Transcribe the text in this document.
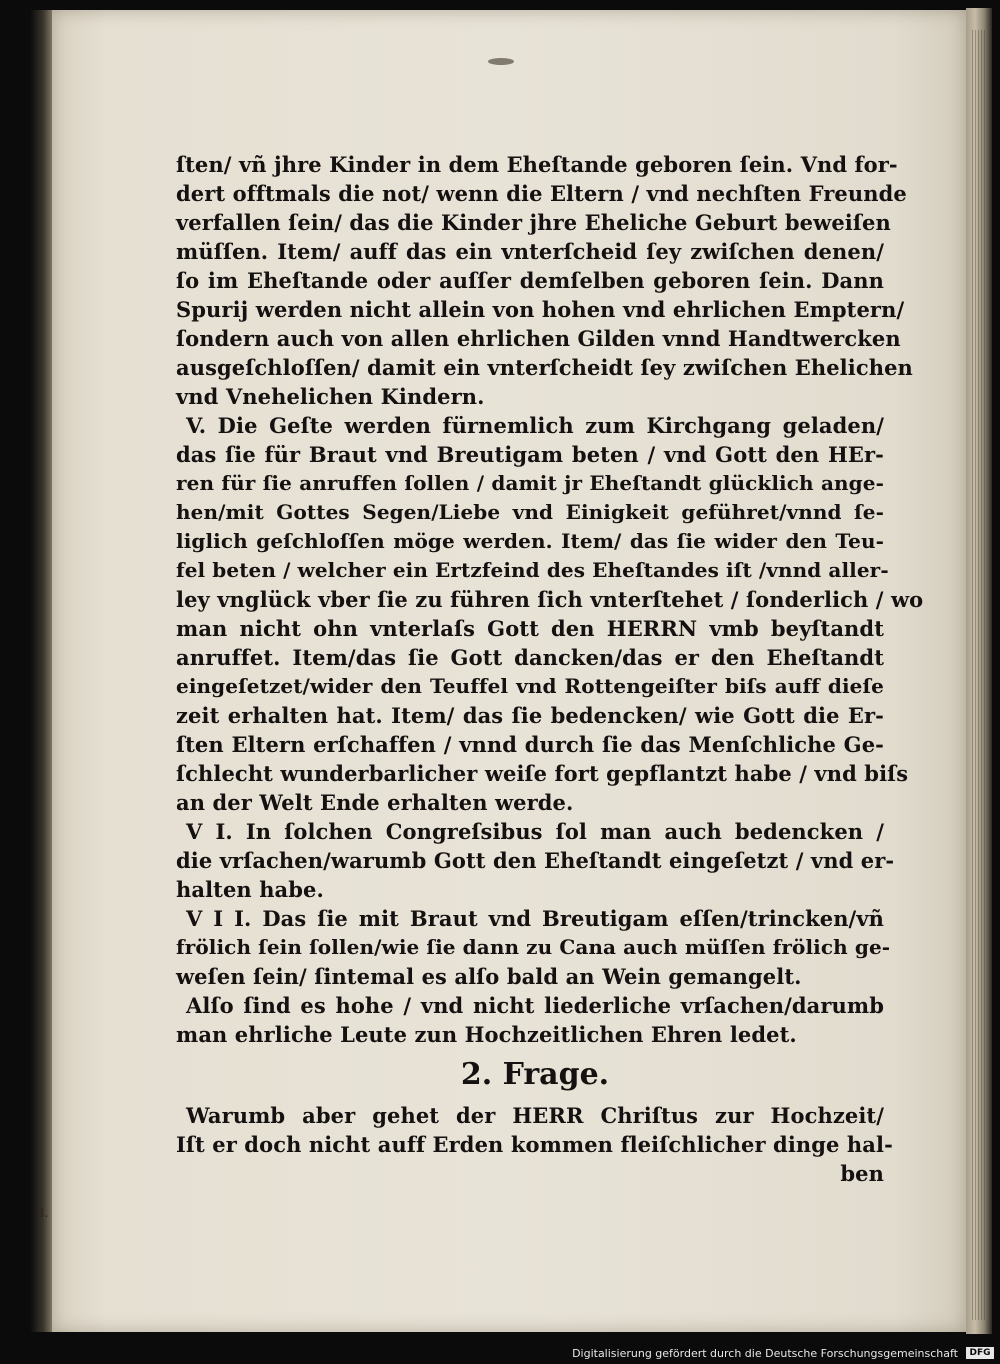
3.
ſten/ vñ jhre Kinder in dem Eheſtande geboren ſein. Vnd for-
dert offtmals die not/ wenn die Eltern / vnd nechſten Freunde
verfallen ſein/ das die Kinder jhre Eheliche Geburt beweiſen
müſſen. Item/ auff das ein vnterſcheid ſey zwiſchen denen/
ſo im Eheſtande oder auſſer demſelben geboren ſein. Dann
Spurij werden nicht allein von hohen vnd ehrlichen Emptern/
ſondern auch von allen ehrlichen Gilden vnnd Handtwercken
ausgeſchloſſen/ damit ein vnterſcheidt ſey zwiſchen Ehelichen
vnd Vnehelichen Kindern.
V. Die Geſte werden fürnemlich zum Kirchgang geladen/
das ſie für Braut vnd Breutigam beten / vnd Gott den HEr-
ren für ſie anruffen ſollen / damit jr Eheſtandt glücklich ange-
hen/mit Gottes Segen/Liebe vnd Einigkeit geführet/vnnd ſe-
liglich geſchloſſen möge werden. Item/ das ſie wider den Teu-
fel beten / welcher ein Ertzfeind des Eheſtandes iſt /vnnd aller-
ley vnglück vber ſie zu führen ſich vnterſtehet / ſonderlich / wo
man nicht ohn vnterlaſs Gott den HERRN vmb beyſtandt
anruffet. Item/das ſie Gott dancken/das er den Eheſtandt
eingeſetzet/wider den Teuffel vnd Rottengeiſter biſs auff dieſe
zeit erhalten hat. Item/ das ſie bedencken/ wie Gott die Er-
ſten Eltern erſchaffen / vnnd durch ſie das Menſchliche Ge-
ſchlecht wunderbarlicher weiſe fort gepflantzt habe / vnd biſs
an der Welt Ende erhalten werde.
V I. In ſolchen Congreſsibus ſol man auch bedencken /
die vrſachen/warumb Gott den Eheſtandt eingeſetzt / vnd er-
halten habe.
V I I. Das ſie mit Braut vnd Breutigam eſſen/trincken/vñ
frölich ſein ſollen/wie ſie dann zu Cana auch müſſen frölich ge-
weſen ſein/ ſintemal es alſo bald an Wein gemangelt.
Alſo ſind es hohe / vnd nicht liederliche vrſachen/darumb
man ehrliche Leute zun Hochzeitlichen Ehren ledet.
2. Frage.
Warumb aber gehet der HERR Chriſtus zur Hochzeit/
Iſt er doch nicht auff Erden kommen fleiſchlicher dinge hal-
ben
Digitalisierung gefördert durch die Deutsche Forschungsgemeinschaft	DFG
